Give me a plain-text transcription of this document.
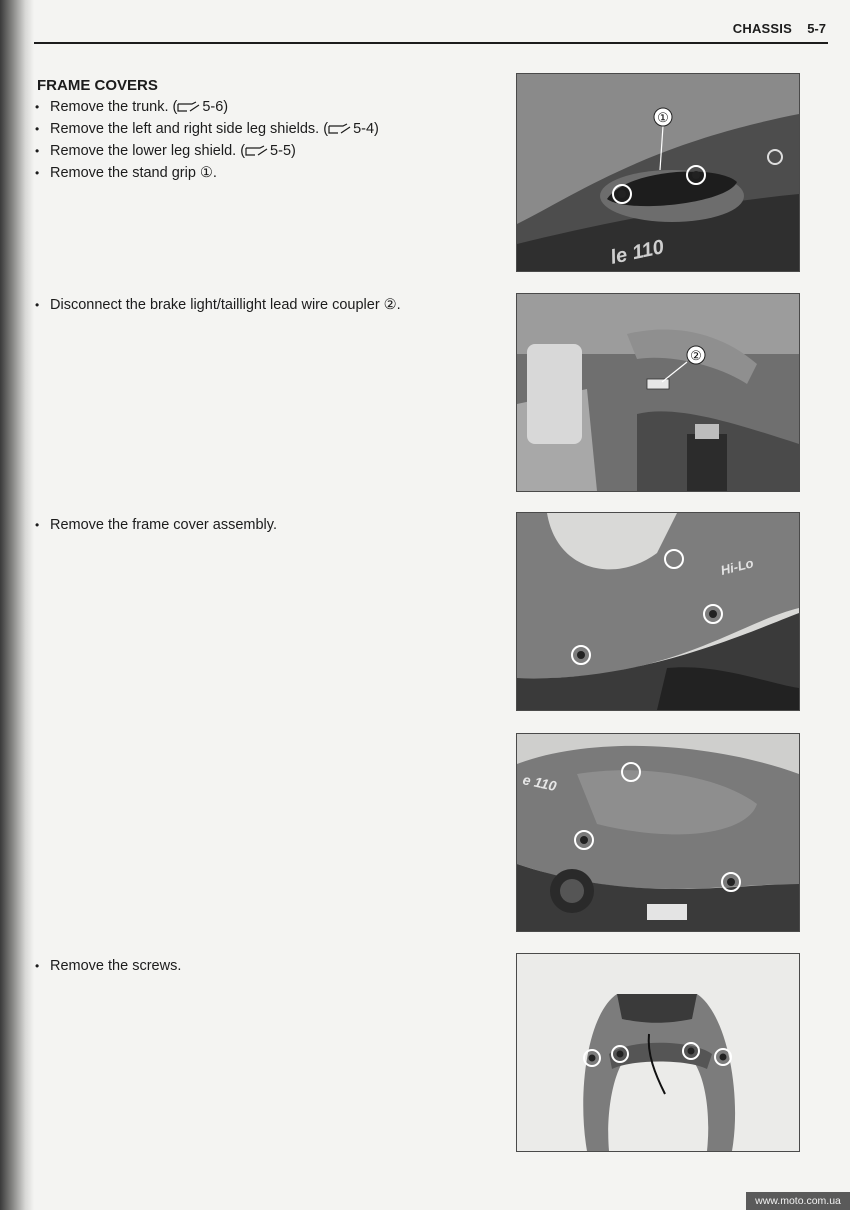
CHASSIS 5-7
FRAME COVERS
• Remove the trunk. ( 5-6)
• Remove the left and right side leg shields. ( 5-4)
• Remove the lower leg shield. ( 5-5)
• Remove the stand grip ①.
• Disconnect the brake light/taillight lead wire coupler ②.
• Remove the frame cover assembly.
• Remove the screws.
①
le 110
②
Hi-Lo
e 110
www.moto.com.ua
